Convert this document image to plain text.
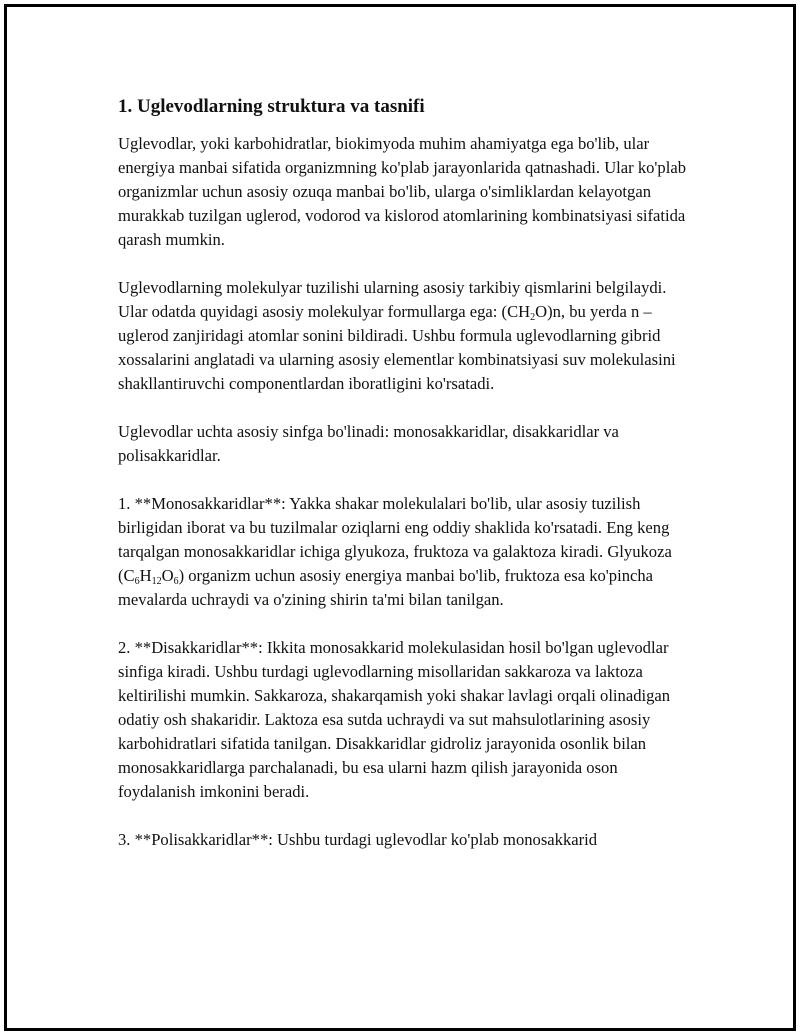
1. Uglevodlarning struktura va tasnifi

Uglevodlar, yoki karbohidratlar, biokimyoda muhim ahamiyatga ega bo'lib, ular energiya manbai sifatida organizmning ko'plab jarayonlarida qatnashadi. Ular ko'plab organizmlar uchun asosiy ozuqa manbai bo'lib, ularga o'simliklardan kelayotgan murakkab tuzilgan uglerod, vodorod va kislorod atomlarining kombinatsiyasi sifatida qarash mumkin.

Uglevodlarning molekulyar tuzilishi ularning asosiy tarkibiy qismlarini belgilaydi. Ular odatda quyidagi asosiy molekulyar formullarga ega: $(CH_2O)n$, bu yerda n – uglerod zanjiridagi atomlar sonini bildiradi. Ushbu formula uglevodlarning gibrid xossalarini anglatadi va ularning asosiy elementlar kombinatsiyasi suv molekulasini shakllantiruvchi componentlardan iboratligini ko'rsatadi.

Uglevodlar uchta asosiy sinfga bo'linadi: monosakkaridlar, disakkaridlar va polisakkaridlar.

1. **Monosakkaridlar**: Yakka shakar molekulalari bo'lib, ular asosiy tuzilish birligidan iborat va bu tuzilmalar oziqlarni eng oddiy shaklida ko'rsatadi. Eng keng tarqalgan monosakkaridlar ichiga glyukoza, fruktoza va galaktoza kiradi. Glyukoza $(C_6H_{12}O_6)$ organizm uchun asosiy energiya manbai bo'lib, fruktoza esa ko'pincha mevalarda uchraydi va o'zining shirin ta'mi bilan tanilgan.

2. **Disakkaridlar**: Ikkita monosakkarid molekulasidan hosil bo'lgan uglevodlar sinfiga kiradi. Ushbu turdagi uglevodlarning misollaridan sakkaroza va laktoza keltirilishi mumkin. Sakkaroza, shakarqamish yoki shakar lavlagi orqali olinadigan odatiy osh shakaridir. Laktoza esa sutda uchraydi va sut mahsulotlarining asosiy karbohidratlari sifatida tanilgan. Disakkaridlar gidroliz jarayonida osonlik bilan monosakkaridlarga parchalanadi, bu esa ularni hazm qilish jarayonida oson foydalanish imkonini beradi.

3. **Polisakkaridlar**: Ushbu turdagi uglevodlar ko'plab monosakkarid
